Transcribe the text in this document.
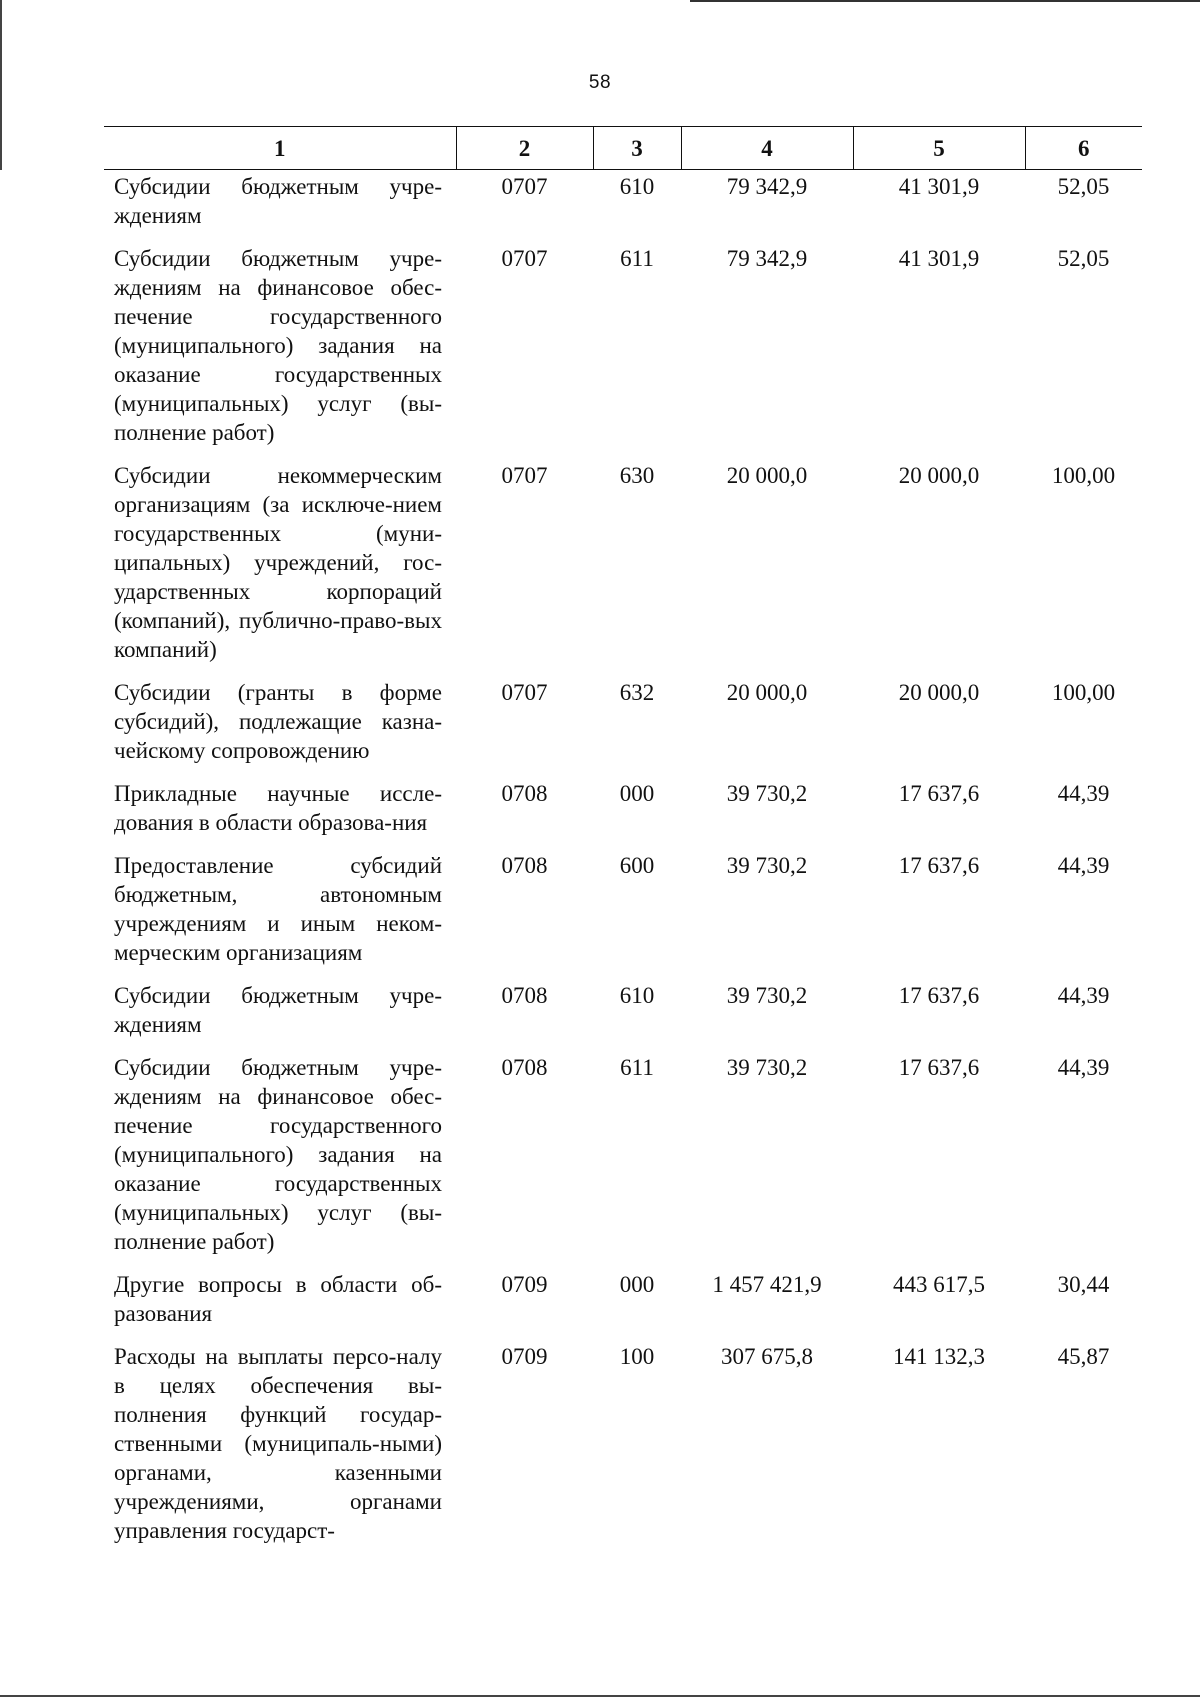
58
1	2	3	4	5	6
Субсидии бюджетным учре-ждениям	0707	610	79 342,9	41 301,9	52,05
Субсидии бюджетным учре-ждениям на финансовое обес-печение государственного (муниципального) задания на оказание государственных (муниципальных) услуг (вы-полнение работ)	0707	611	79 342,9	41 301,9	52,05
Субсидии некоммерческим организациям (за исключе-нием государственных (муни-ципальных) учреждений, гос-ударственных корпораций (компаний), публично-право-вых компаний)	0707	630	20 000,0	20 000,0	100,00
Субсидии (гранты в форме субсидий), подлежащие казна-чейскому сопровождению	0707	632	20 000,0	20 000,0	100,00
Прикладные научные иссле-дования в области образова-ния	0708	000	39 730,2	17 637,6	44,39
Предоставление субсидий бюджетным, автономным учреждениям и иным неком-мерческим организациям	0708	600	39 730,2	17 637,6	44,39
Субсидии бюджетным учре-ждениям	0708	610	39 730,2	17 637,6	44,39
Субсидии бюджетным учре-ждениям на финансовое обес-печение государственного (муниципального) задания на оказание государственных (муниципальных) услуг (вы-полнение работ)	0708	611	39 730,2	17 637,6	44,39
Другие вопросы в области об-разования	0709	000	1 457 421,9	443 617,5	30,44
Расходы на выплаты персо-налу в целях обеспечения вы-полнения функций государ-ственными (муниципаль-ными) органами, казенными учреждениями, органами управления государст-	0709	100	307 675,8	141 132,3	45,87
